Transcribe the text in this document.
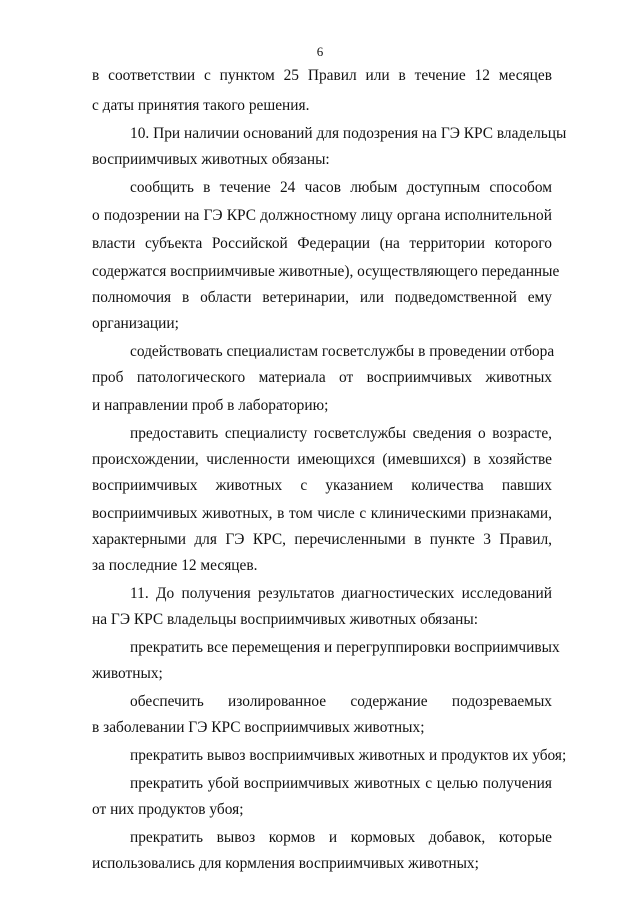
6
в соответствии с пунктом 25 Правил или в течение 12 месяцев
с даты принятия такого решения.
10. При наличии оснований для подозрения на ГЭ КРС владельцы
восприимчивых животных обязаны:
сообщить в течение 24 часов любым доступным способом
о подозрении на ГЭ КРС должностному лицу органа исполнительной
власти субъекта Российской Федерации (на территории которого
содержатся восприимчивые животные), осуществляющего переданные
полномочия в области ветеринарии, или подведомственной ему
организации;
содействовать специалистам госветслужбы в проведении отбора
проб патологического материала от восприимчивых животных
и направлении проб в лабораторию;
предоставить специалисту госветслужбы сведения о возрасте,
происхождении, численности имеющихся (имевшихся) в хозяйстве
восприимчивых животных с указанием количества павших
восприимчивых животных, в том числе с клиническими признаками,
характерными для ГЭ КРС, перечисленными в пункте 3 Правил,
за последние 12 месяцев.
11. До получения результатов диагностических исследований
на ГЭ КРС владельцы восприимчивых животных обязаны:
прекратить все перемещения и перегруппировки восприимчивых
животных;
обеспечить изолированное содержание подозреваемых
в заболевании ГЭ КРС восприимчивых животных;
прекратить вывоз восприимчивых животных и продуктов их убоя;
прекратить убой восприимчивых животных с целью получения
от них продуктов убоя;
прекратить вывоз кормов и кормовых добавок, которые
использовались для кормления восприимчивых животных;
